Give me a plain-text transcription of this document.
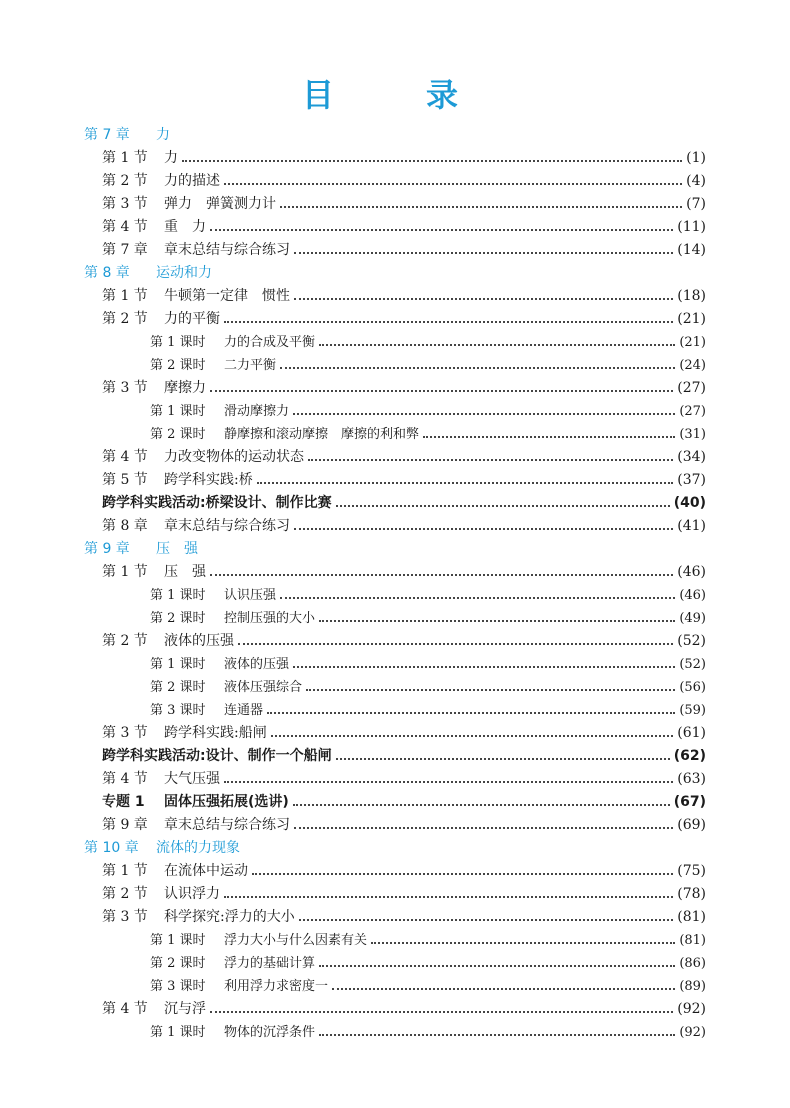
目　录
第 7 章	力
第 1 节	力	(1)
第 2 节	力的描述	(4)
第 3 节	弹力　弹簧测力计	(7)
第 4 节	重　力	(11)
第 7 章	章末总结与综合练习	(14)
第 8 章	运动和力
第 1 节	牛顿第一定律　惯性	(18)
第 2 节	力的平衡	(21)
第 1 课时	力的合成及平衡	(21)
第 2 课时	二力平衡	(24)
第 3 节	摩擦力	(27)
第 1 课时	滑动摩擦力	(27)
第 2 课时	静摩擦和滚动摩擦　摩擦的利和弊	(31)
第 4 节	力改变物体的运动状态	(34)
第 5 节	跨学科实践:桥	(37)
跨学科实践活动:桥梁设计、制作比赛	(40)
第 8 章	章末总结与综合练习	(41)
第 9 章	压　强
第 1 节	压　强	(46)
第 1 课时	认识压强	(46)
第 2 课时	控制压强的大小	(49)
第 2 节	液体的压强	(52)
第 1 课时	液体的压强	(52)
第 2 课时	液体压强综合	(56)
第 3 课时	连通器	(59)
第 3 节	跨学科实践:船闸	(61)
跨学科实践活动:设计、制作一个船闸	(62)
第 4 节	大气压强	(63)
专题 1	固体压强拓展(选讲)	(67)
第 9 章	章末总结与综合练习	(69)
第 10 章	流体的力现象
第 1 节	在流体中运动	(75)
第 2 节	认识浮力	(78)
第 3 节	科学探究:浮力的大小	(81)
第 1 课时	浮力大小与什么因素有关	(81)
第 2 课时	浮力的基础计算	(86)
第 3 课时	利用浮力求密度一	(89)
第 4 节	沉与浮	(92)
第 1 课时	物体的沉浮条件	(92)
